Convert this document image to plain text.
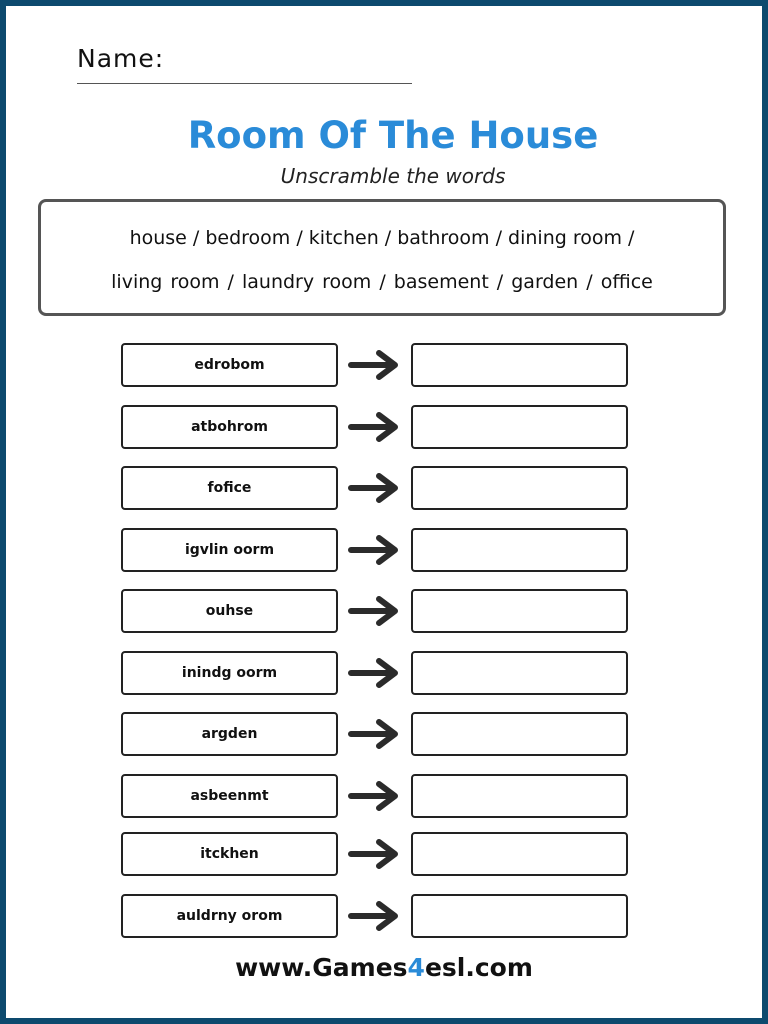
Name:
Room Of The House
Unscramble the words
house / bedroom / kitchen / bathroom / dining room /
living room / laundry room / basement / garden / office
edrobom
atbohrom
fofice
igvlin oorm
ouhse
inindg oorm
argden
asbeenmt
itckhen
auldrny orom
www.Games4esl.com
